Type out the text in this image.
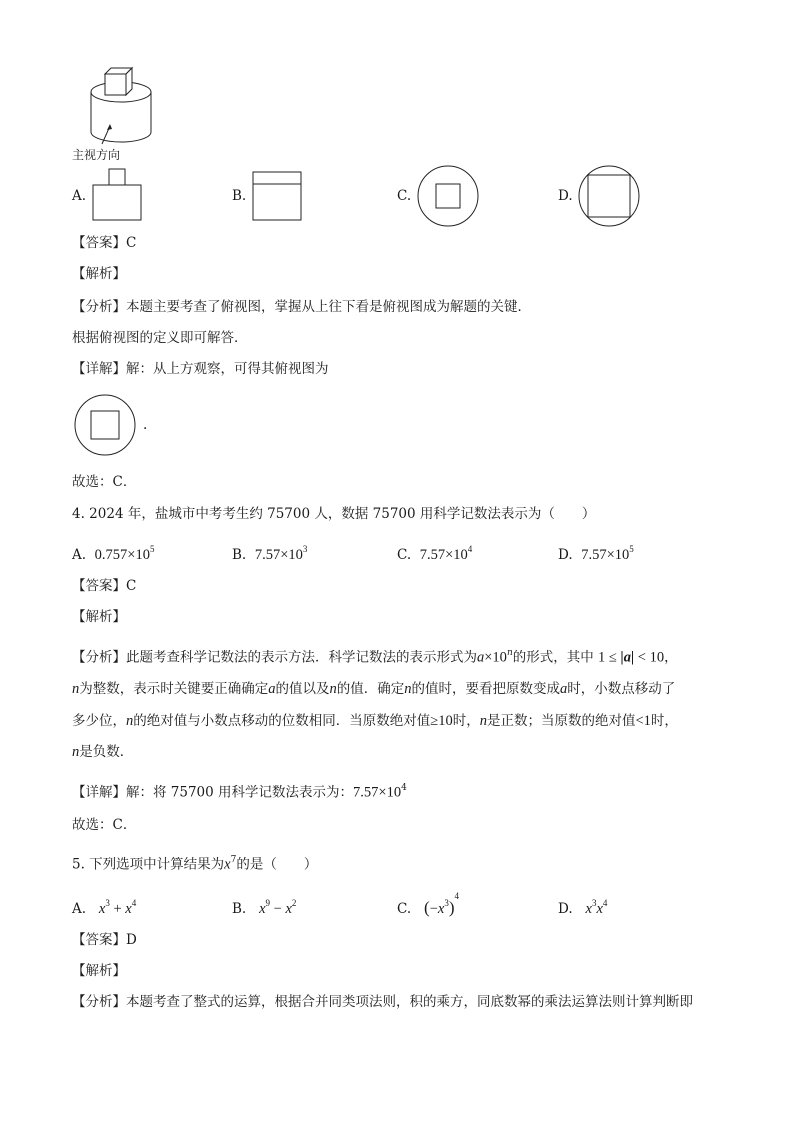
主视方向
A.	B.	C.	D.
【答案】C
【解析】
【分析】本题主要考查了俯视图，掌握从上往下看是俯视图成为解题的关键．
根据俯视图的定义即可解答．
【详解】解：从上方观察，可得其俯视图为
.
故选：C．
4. 2024 年，盐城市中考考生约 75700 人，数据 75700 用科学记数法表示为（　　）
A. $0.757\times 10^5$	B. $7.57\times 10^3$	C. $7.57\times 10^4$	D. $7.57\times 10^5$
【答案】C
【解析】
【分析】此题考查科学记数法的表示方法．科学记数法的表示形式为$a\times 10^n$的形式，其中 1 ≤ |a| < 10，
n为整数，表示时关键要正确确定a的值以及n的值．确定n的值时，要看把原数变成a时，小数点移动了
多少位，n的绝对值与小数点移动的位数相同．当原数绝对值≥10时，n是正数；当原数的绝对值<1时，
n是负数．
【详解】解：将 75700 用科学记数法表示为：$7.57\times 10^4$
故选：C．
5. 下列选项中计算结果为$x^7$的是（　　）
A. $x^3 + x^4$	B. $x^9 - x^2$	C. $(-x^3)^4$
D. $x^3x^4$
【答案】D
【解析】
【分析】本题考查了整式的运算，根据合并同类项法则，积的乘方，同底数幂的乘法运算法则计算判断即
